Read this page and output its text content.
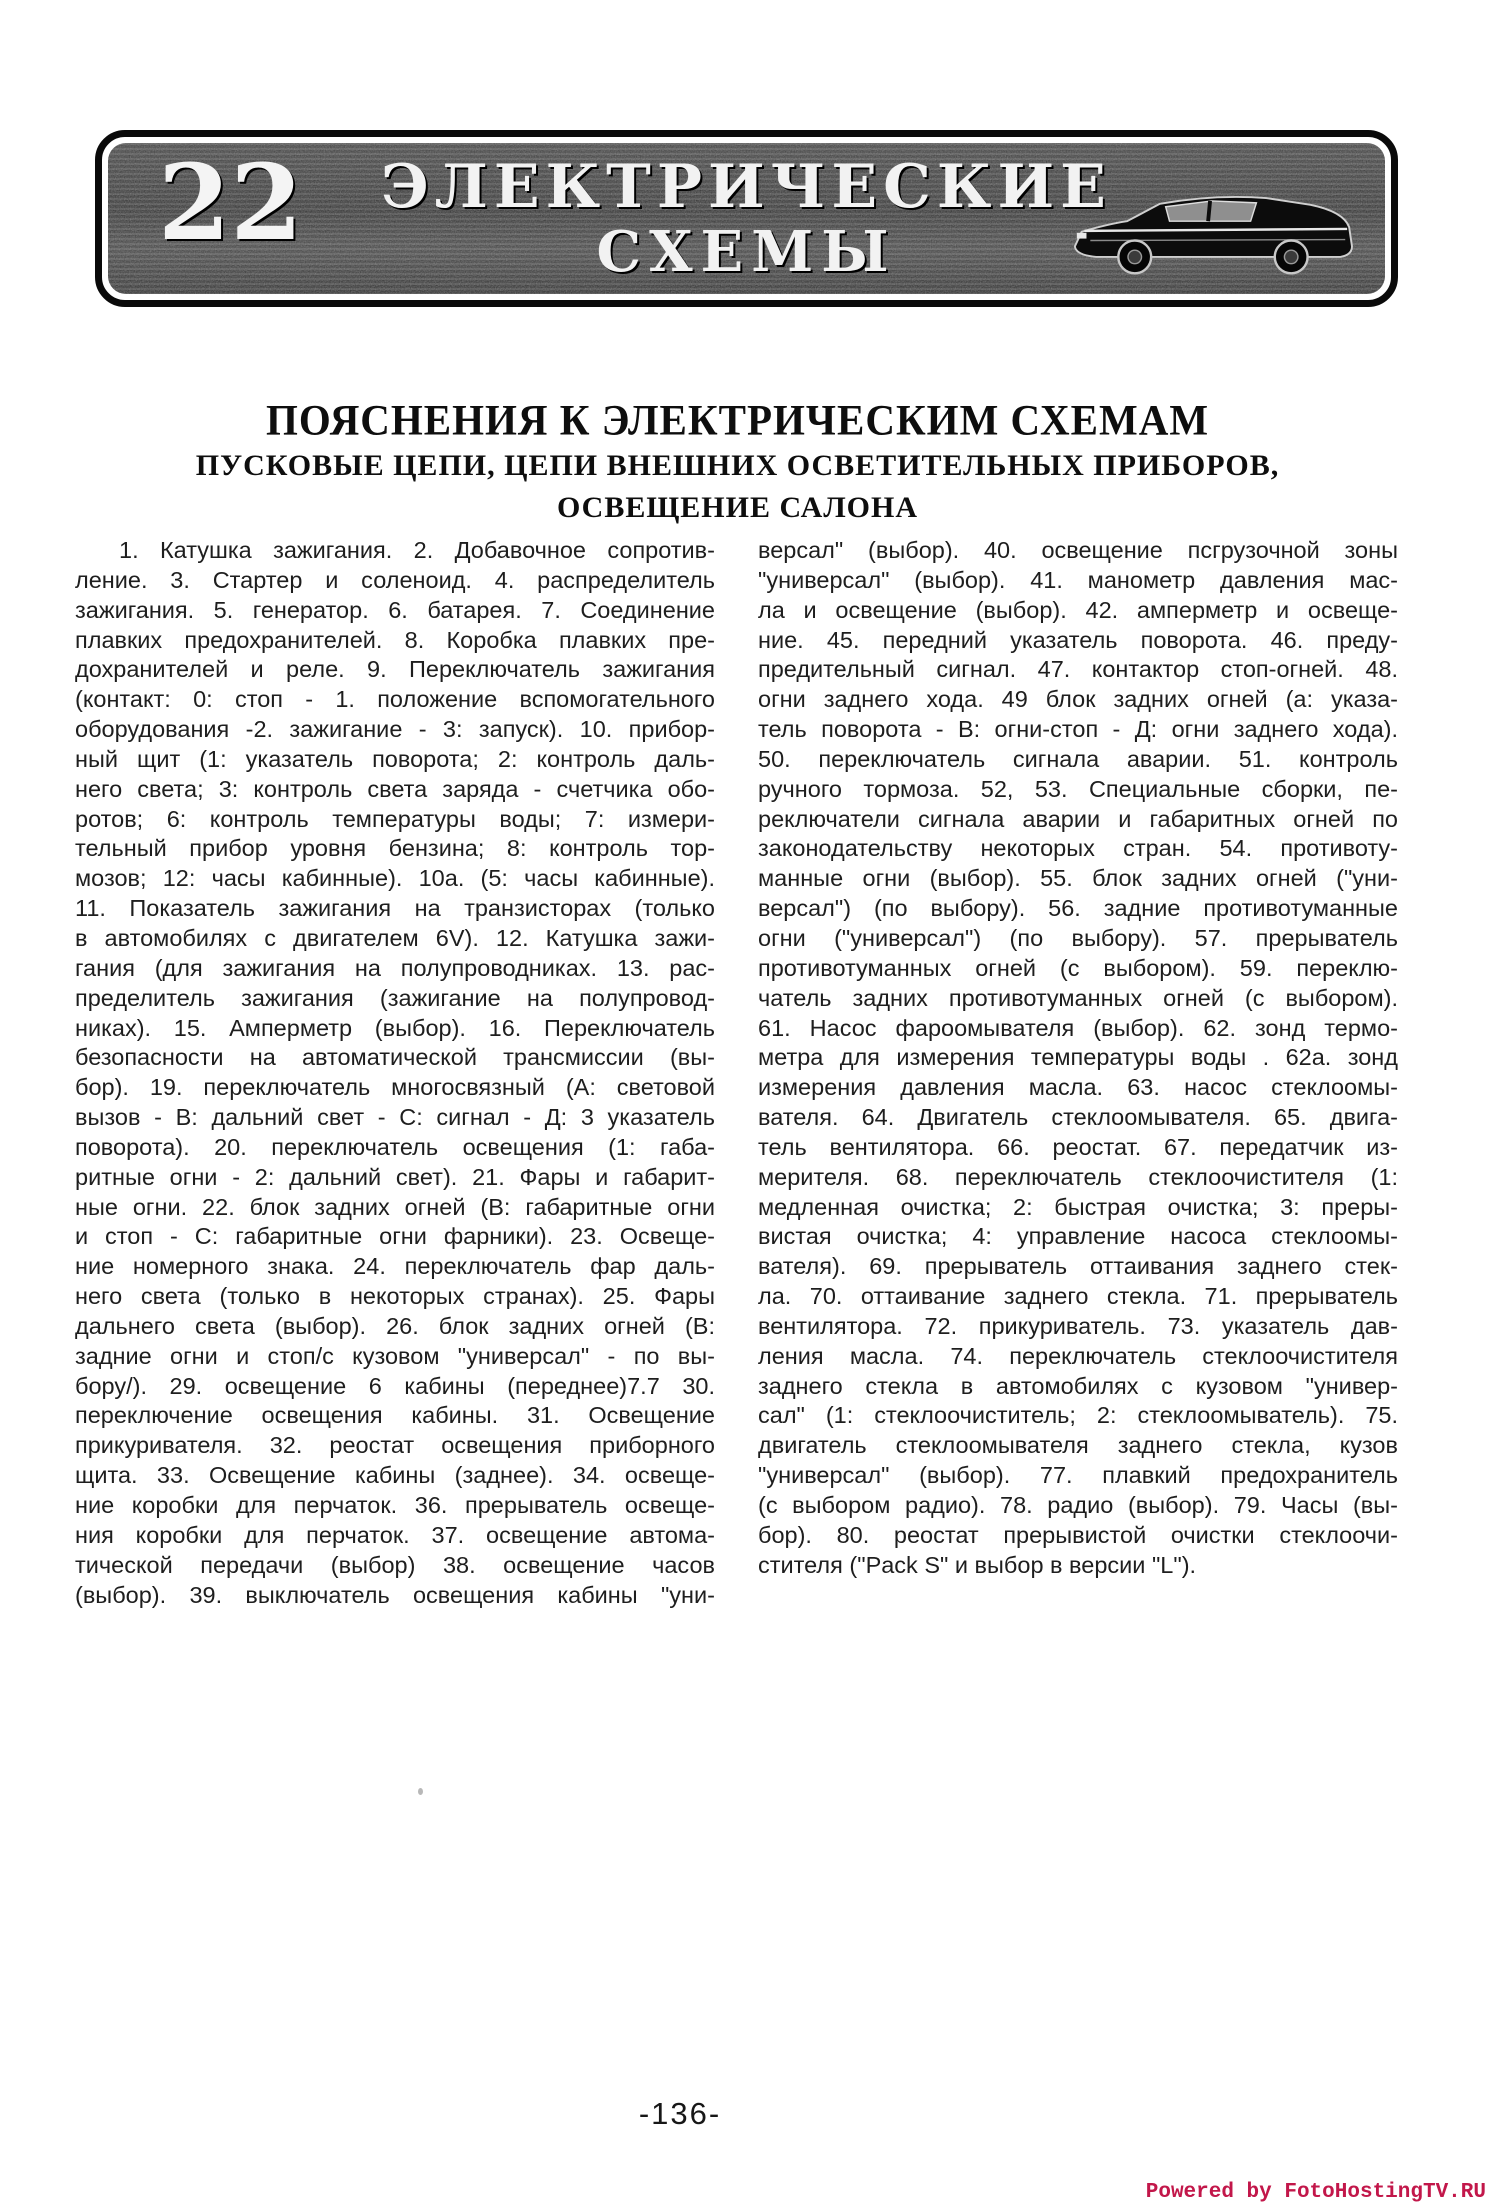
22	ЭЛЕКТРИЧЕСКИЕ
СХЕМЫ
ПОЯСНЕНИЯ К ЭЛЕКТРИЧЕСКИМ СХЕМАМ
ПУСКОВЫЕ ЦЕПИ, ЦЕПИ ВНЕШНИХ ОСВЕТИТЕЛЬНЫХ ПРИБОРОВ,
ОСВЕЩЕНИЕ САЛОНА
1. Катушка зажигания. 2. Добавочное сопротив-
ление. 3. Стартер и соленоид. 4. распределитель
зажигания. 5. генератор. 6. батарея. 7. Соединение
плавких предохранителей. 8. Коробка плавких пре-
дохранителей и реле. 9. Переключатель зажигания
(контакт: 0: стоп - 1. положение вспомогательного
оборудования -2. зажигание - 3: запуск). 10. прибор-
ный щит (1: указатель поворота; 2: контроль даль-
него света; 3: контроль света заряда - счетчика обо-
ротов; 6: контроль температуры воды; 7: измери-
тельный прибор уровня бензина; 8: контроль тор-
мозов; 12: часы кабинные). 10а. (5: часы кабинные).
11. Показатель зажигания на транзисторах (только
в автомобилях с двигателем 6V). 12. Катушка зажи-
гания (для зажигания на полупроводниках. 13. рас-
пределитель зажигания (зажигание на полупровод-
никах). 15. Амперметр (выбор). 16. Переключатель
безопасности на автоматической трансмиссии (вы-
бор). 19. переключатель многосвязный (А: световой
вызов - В: дальний свет - С: сигнал - Д: 3 указатель
поворота). 20. переключатель освещения (1: габа-
ритные огни - 2: дальний свет). 21. Фары и габарит-
ные огни. 22. блок задних огней (В: габаритные огни
и стоп - С: габаритные огни фарники). 23. Освеще-
ние номерного знака. 24. переключатель фар даль-
него света (только в некоторых странах). 25. Фары
дальнего света (выбор). 26. блок задних огней (В:
задние огни и стоп/с кузовом "универсал" - по вы-
бору/). 29. освещение 6 кабины (переднее)7.7 30.
переключение освещения кабины. 31. Освещение
прикуривателя. 32. реостат освещения приборного
щита. 33. Освещение кабины (заднее). 34. освеще-
ние коробки для перчаток. 36. прерыватель освеще-
ния коробки для перчаток. 37. освещение автома-
тической передачи (выбор) 38. освещение часов
(выбор). 39. выключатель освещения кабины "уни-
версал" (выбор). 40. освещение псгрузочной зоны
"универсал" (выбор). 41. манометр давления мас-
ла и освещение (выбор). 42. амперметр и освеще-
ние. 45. передний указатель поворота. 46. преду-
предительный сигнал. 47. контактор стоп-огней. 48.
огни заднего хода. 49 блок задних огней (а: указа-
тель поворота - В: огни-стоп - Д: огни заднего хода).
50. переключатель сигнала аварии. 51. контроль
ручного тормоза. 52, 53. Специальные сборки, пе-
реключатели сигнала аварии и габаритных огней по
законодательству некоторых стран. 54. противоту-
манные огни (выбор). 55. блок задних огней ("уни-
версал") (по выбору). 56. задние противотуманные
огни ("универсал") (по выбору). 57. прерыватель
противотуманных огней (с выбором). 59. переклю-
чатель задних противотуманных огней (с выбором).
61. Насос фароомывателя (выбор). 62. зонд термо-
метра для измерения температуры воды . 62а. зонд
измерения давления масла. 63. насос стеклоомы-
вателя. 64. Двигатель стеклоомывателя. 65. двига-
тель вентилятора. 66. реостат. 67. передатчик из-
мерителя. 68. переключатель стеклоочистителя (1:
медленная очистка; 2: быстрая очистка; 3: преры-
вистая очистка; 4: управление насоса стеклоомы-
вателя). 69. прерыватель оттаивания заднего стек-
ла. 70. оттаивание заднего стекла. 71. прерыватель
вентилятора. 72. прикуриватель. 73. указатель дав-
ления масла. 74. переключатель стеклоочистителя
заднего стекла в автомобилях с кузовом "универ-
сал" (1: стеклоочиститель; 2: стеклоомыватель). 75.
двигатель стеклоомывателя заднего стекла, кузов
"универсал" (выбор). 77. плавкий предохранитель
(с выбором радио). 78. радио (выбор). 79. Часы (вы-
бор). 80. реостат прерывистой очистки стеклоочи-
стителя ("Pack S" и выбор в версии "L").
-136-
Powered by FotoHostingTV.RU
